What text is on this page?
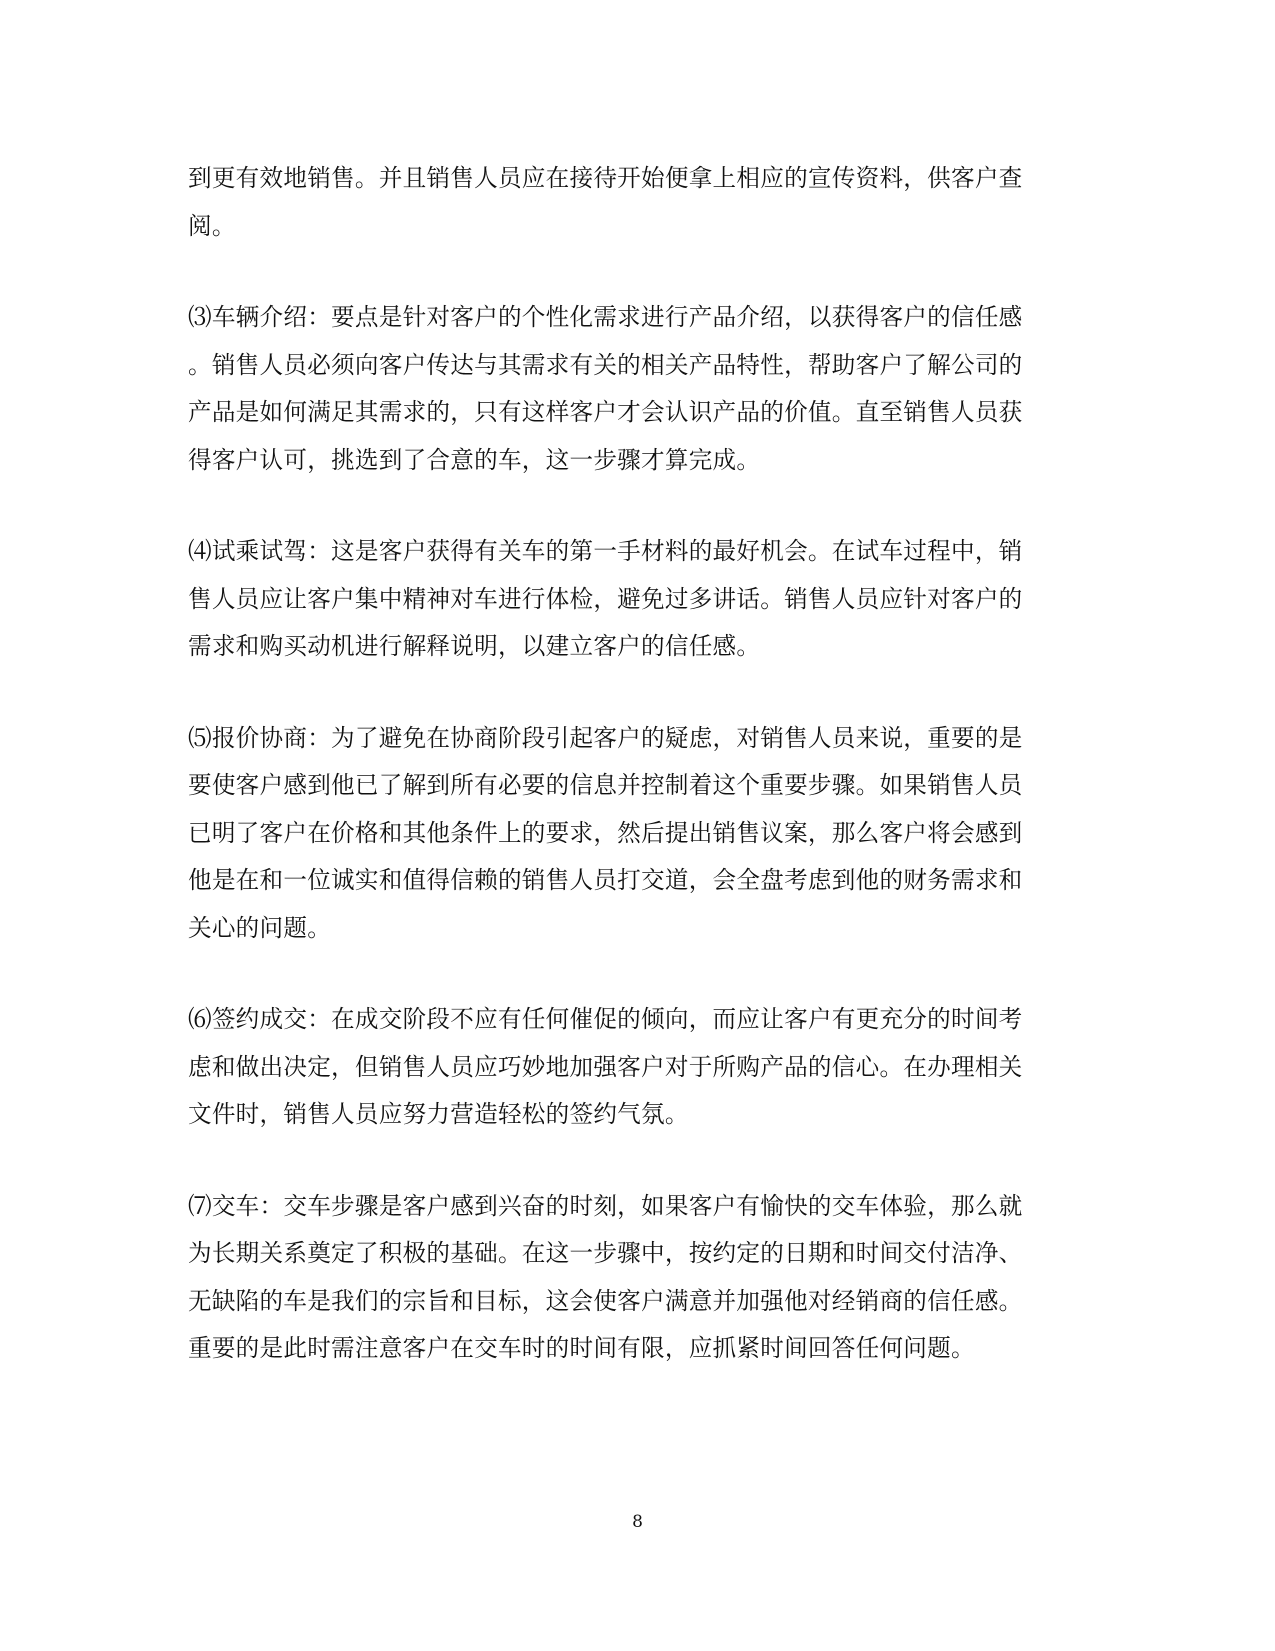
到更有效地销售。并且销售人员应在接待开始便拿上相应的宣传资料，供客户查
阅。

⑶车辆介绍：要点是针对客户的个性化需求进行产品介绍，以获得客户的信任感
。销售人员必须向客户传达与其需求有关的相关产品特性，帮助客户了解公司的
产品是如何满足其需求的，只有这样客户才会认识产品的价值。直至销售人员获
得客户认可，挑选到了合意的车，这一步骤才算完成。

⑷试乘试驾：这是客户获得有关车的第一手材料的最好机会。在试车过程中，销
售人员应让客户集中精神对车进行体检，避免过多讲话。销售人员应针对客户的
需求和购买动机进行解释说明，以建立客户的信任感。

⑸报价协商：为了避免在协商阶段引起客户的疑虑，对销售人员来说，重要的是
要使客户感到他已了解到所有必要的信息并控制着这个重要步骤。如果销售人员
已明了客户在价格和其他条件上的要求，然后提出销售议案，那么客户将会感到
他是在和一位诚实和值得信赖的销售人员打交道，会全盘考虑到他的财务需求和
关心的问题。

⑹签约成交：在成交阶段不应有任何催促的倾向，而应让客户有更充分的时间考
虑和做出决定，但销售人员应巧妙地加强客户对于所购产品的信心。在办理相关
文件时，销售人员应努力营造轻松的签约气氛。

⑺交车：交车步骤是客户感到兴奋的时刻，如果客户有愉快的交车体验，那么就
为长期关系奠定了积极的基础。在这一步骤中，按约定的日期和时间交付洁净、
无缺陷的车是我们的宗旨和目标，这会使客户满意并加强他对经销商的信任感。
重要的是此时需注意客户在交车时的时间有限，应抓紧时间回答任何问题。

8
